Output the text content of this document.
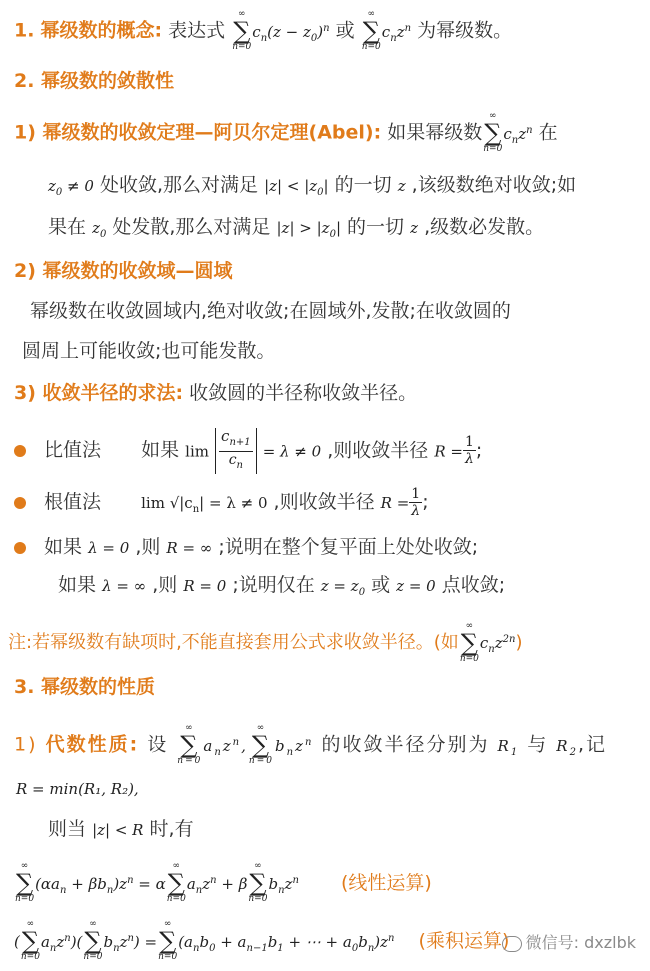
1. 幂级数的概念: 表达式
∞
∑
n=0
$c_n(z - z_0)^n$ 或
∞
∑
n=0
$c_nz^n$ 为幂级数。
2. 幂级数的敛散性
1) 幂级数的收敛定理—阿贝尔定理(Abel): 如果幂级数
∞
∑
n=0
$c_nz^n$ 在
$z_0 \ne 0$ 处收敛,那么对满足 $|z| < |z_0|$ 的一切 z ,该级数绝对收敛;如
果在 $z_0$ 处发散,那么对满足 $|z| > |z_0|$ 的一切 z ,级数必发散。
2) 幂级数的收敛域—圆域
幂级数在收敛圆域内,绝对收敛;在圆域外,发散;在收敛圆的
圆周上可能收敛;也可能发散。
3) 收敛半径的求法: 收敛圆的半径称收敛半径。
比值法 如果 $\lim \frac{c_{n+1}}{c_n} = \lambda \ne 0$ ,则收敛半径 $R = \frac{1}{\lambda}$ ;
根值法	$\lim √|c_n| = \lambda \ne 0$ ,则收敛半径 $R = \frac{1}{\lambda}$ ;
如果 λ = 0 ,则 R = ∞ ;说明在整个复平面上处处收敛;
如果 λ = ∞ ,则 R = 0 ;说明仅在 $z = z_0$ 或 z = 0 点收敛;
注:若幂级数有缺项时,不能直接套用公式求收敛半径。(如
∞
∑
n=0
$c_nz^{2n}$)
3. 幂级数的性质
1) 代数性质: 设
∞
∑
n=0
$a_nz^n$,
∞
∑
n=0
$b_nz^n$ 的收敛半径分别为 $R_1$ 与 $R_2$,记
R = min(R₁, R₂),
则当 |z| < R 时,有
∞
∑
n=0
$(\alpha a_n + \beta b_n)z^n = \alpha$
∞
∑
n=0
$a_nz^n + \beta$
∞
∑
n=0
$b_nz^n$ (线性运算)
(
∞
∑
n=0
$a_nz^n$)(
∞
∑
n=0
$b_nz^n$) =
∞
∑
n=0
($a_nb_0 + a_{n-1}b_1$ + ⋯ + $a_0b_n)z^n$ (乘积运算)	微信号: dxzlbk
